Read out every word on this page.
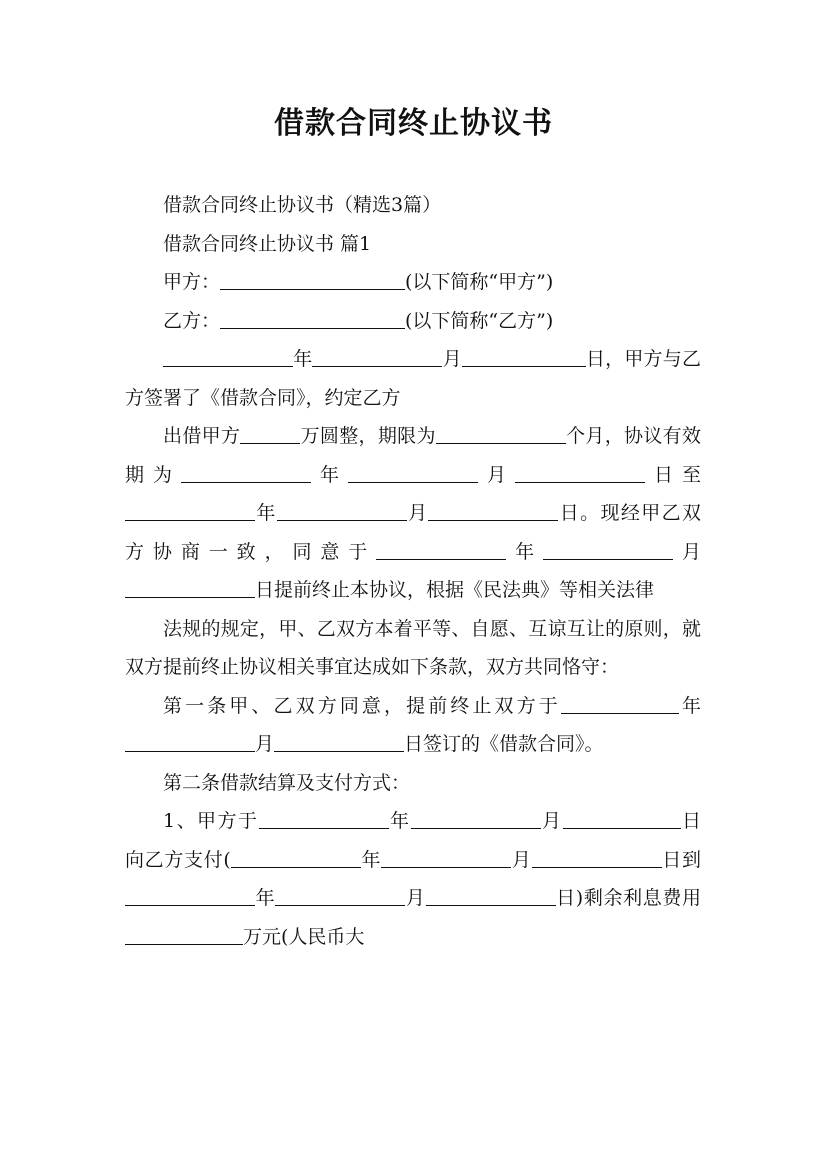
借款合同终止协议书

借款合同终止协议书（精选3篇）

借款合同终止协议书 篇1

甲方：	(以下简称“甲方”)

乙方：	(以下简称“乙方”)

年	月	日，甲方与乙方签署了《借款合同》，约定乙方

出借甲方	万圆整，期限为	个月，协议有效期为	年	月	日至年	月	日。现经甲乙双方协商一致，同意于	年	月日提前终止本协议，根据《民法典》等相关法律

法规的规定，甲、乙双方本着平等、自愿、互谅互让的原则，就双方提前终止协议相关事宜达成如下条款，双方共同恪守：

第一条甲、乙双方同意，提前终止双方于	年月	日签订的《借款合同》。

第二条借款结算及支付方式：

1、甲方于	年	月	日向乙方支付(	年	月	日到年	月	日)剩余利息费用万元(人民币大
